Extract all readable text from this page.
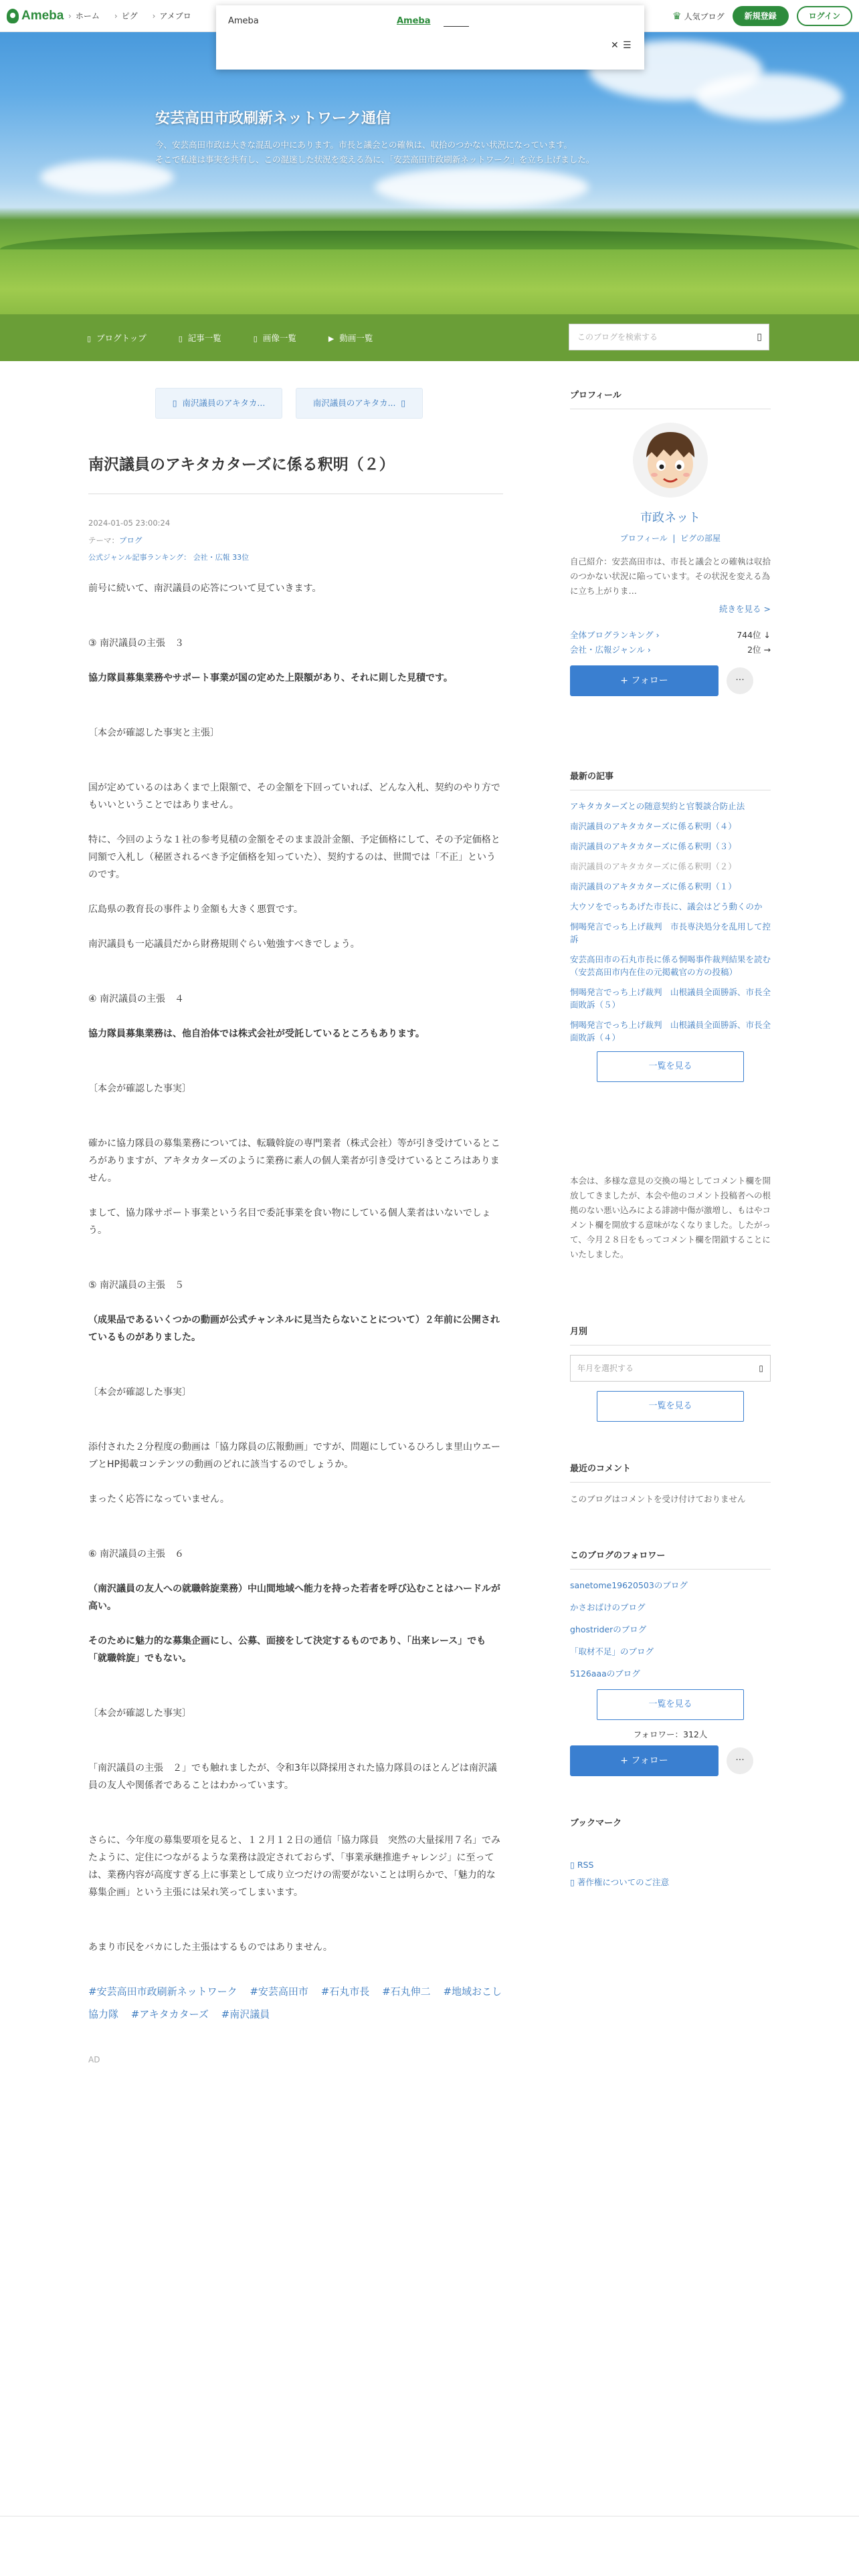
安芸高田市政刷新ネットワーク通信
今、安芸高田市政は大きな混乱の中にあります。市長と議会との確執は、収拾のつかない状況になっています。
そこで私達は事実を共有し、この混迷した状況を変える為に、「安芸高田市政刷新ネットワーク」を立ち上げました。
Ameba	› ホーム	› ピグ	› アメブロ	♛ 人気ブログ	新規登録	ログイン
Ameba	Ameba
✕ ☰
▯ ブログトップ	▯ 記事一覧	▯ 画像一覧	▶ 動画一覧	このブログを検索する	▯
▯  南沢議員のアキタカ...	南沢議員のアキタカ...  ▯
南沢議員のアキタカターズに係る釈明（２）
2024-01-05 23:00:24
テーマ：ブログ
公式ジャンル記事ランキング： 会社・広報 33位

前号に続いて、南沢議員の応答について見ていきます。

③ 南沢議員の主張　３

協力隊員募集業務やサポート事業が国の定めた上限額があり、それに則した見積です。

〔本会が確認した事実と主張〕

国が定めているのはあくまで上限額で、その金額を下回っていれば、どんな入札、契約のやり方でもいいということではありません。

特に、今回のような１社の参考見積の金額をそのまま設計金額、予定価格にして、その予定価格と同額で入札し（秘匿されるべき予定価格を知っていた）、契約するのは、世間では「不正」というのです。

広島県の教育長の事件より金額も大きく悪質です。

南沢議員も一応議員だから財務規則ぐらい勉強すべきでしょう。

④ 南沢議員の主張　４

協力隊員募集業務は、他自治体では株式会社が受託しているところもあります。

〔本会が確認した事実〕

確かに協力隊員の募集業務については、転職斡旋の専門業者（株式会社）等が引き受けているところがありますが、アキタカターズのように業務に素人の個人業者が引き受けているところはありません。

まして、協力隊サポート事業という名目で委託事業を食い物にしている個人業者はいないでしょう。

⑤ 南沢議員の主張　５

（成果品であるいくつかの動画が公式チャンネルに見当たらないことについて）２年前に公開されているものがありました。

〔本会が確認した事実〕

添付された２分程度の動画は「協力隊員の広報動画」ですが、問題にしているひろしま里山ウエーブとHP掲載コンテンツの動画のどれに該当するのでしょうか。

まったく応答になっていません。

⑥ 南沢議員の主張　６

（南沢議員の友人への就職斡旋業務）中山間地域へ能力を持った若者を呼び込むことはハードルが高い。

そのために魅力的な募集企画にし、公募、面接をして決定するものであり、「出来レース」でも「就職斡旋」でもない。

〔本会が確認した事実〕

「南沢議員の主張　２」でも触れましたが、令和3年以降採用された協力隊員のほとんどは南沢議員の友人や関係者であることはわかっています。

さらに、今年度の募集要項を見ると、１２月１２日の通信「協力隊員　突然の大量採用７名」でみたように、定住につながるような業務は設定されておらず、「事業承継推進チャレンジ」に至っては、業務内容が高度すぎる上に事業として成り立つだけの需要がないことは明らかで、「魅力的な募集企画」という主張には呆れ笑ってしまいます。

あまり市民をバカにした主張はするものではありません。

#安芸高田市政刷新ネットワーク #安芸高田市 #石丸市長 #石丸伸二 #地域おこし協力隊 #アキタカターズ #南沢議員
AD
プロフィール
市政ネット
プロフィール  |  ピグの部屋
自己紹介：安芸高田市は、市長と議会との確執は収拾のつかない状況に陥っています。その状況を変える為に立ち上がりま…
続きを見る >
全体ブログランキング ›	744位 ↓
会社・広報ジャンル ›	2位 →
+ フォロー	···
最新の記事
アキタカターズとの随意契約と官製談合防止法
南沢議員のアキタカターズに係る釈明（４）
南沢議員のアキタカターズに係る釈明（３）
南沢議員のアキタカターズに係る釈明（２）
南沢議員のアキタカターズに係る釈明（１）
大ウソをでっちあげた市長に、議会はどう動くのか
恫喝発言でっち上げ裁判　市長専決処分を乱用して控訴
安芸高田市の石丸市長に係る恫喝事件裁判結果を読む（安芸高田市内在住の元掲載官の方の投稿）
恫喝発言でっち上げ裁判　山根議員全面勝訴、市長全面敗訴（５）
恫喝発言でっち上げ裁判　山根議員全面勝訴、市長全面敗訴（４）
一覧を見る
本会は、多様な意見の交換の場としてコメント欄を開放してきましたが、本会や他のコメント投稿者への根拠のない悪い込みによる誹謗中傷が激増し、もはやコメント欄を開放する意味がなくなりました。したがって、今月２８日をもってコメント欄を閉鎖することにいたしました。
月別
年月を選択する	▯
一覧を見る
最近のコメント
このブログはコメントを受け付けておりません
このブログのフォロワー
sanetome19620503のブログ
かさおばけのブログ
ghostriderのブログ
「取材不足」のブログ
5126aaaのブログ
一覧を見る
フォロワー：312人
+ フォロー	···
ブックマーク
▯ RSS
▯ 著作権についてのご注意
